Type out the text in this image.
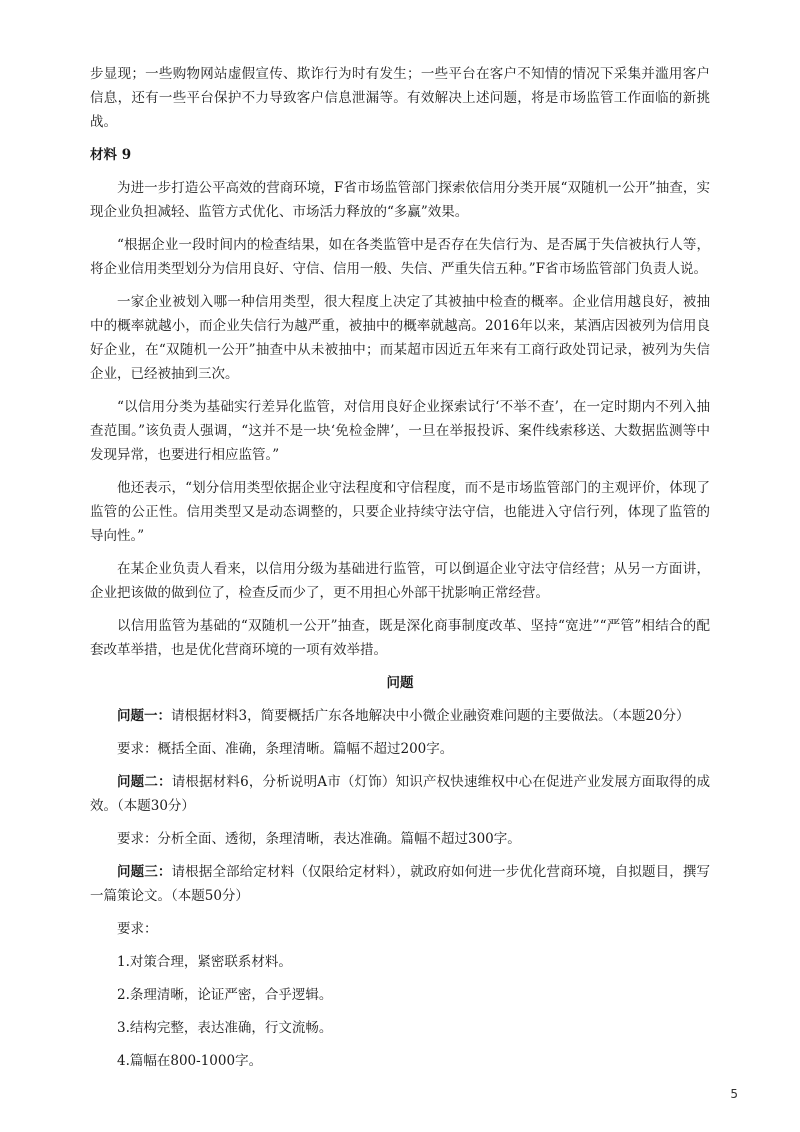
步显现；一些购物网站虚假宣传、欺诈行为时有发生；一些平台在客户不知情的情况下采集并滥用客户信息，还有一些平台保护不力导致客户信息泄漏等。有效解决上述问题，将是市场监管工作面临的新挑战。

材料 9

为进一步打造公平高效的营商环境，F省市场监管部门探索依信用分类开展“双随机一公开”抽查，实现企业负担减轻、监管方式优化、市场活力释放的“多赢”效果。

“根据企业一段时间内的检查结果，如在各类监管中是否存在失信行为、是否属于失信被执行人等，将企业信用类型划分为信用良好、守信、信用一般、失信、严重失信五种。”F省市场监管部门负责人说。

一家企业被划入哪一种信用类型，很大程度上决定了其被抽中检查的概率。企业信用越良好，被抽中的概率就越小，而企业失信行为越严重，被抽中的概率就越高。2016年以来，某酒店因被列为信用良好企业，在“双随机一公开”抽查中从未被抽中；而某超市因近五年来有工商行政处罚记录，被列为失信企业，已经被抽到三次。

“以信用分类为基础实行差异化监管，对信用良好企业探索试行‘不举不查’，在一定时期内不列入抽查范围。”该负责人强调，“这并不是一块‘免检金牌’，一旦在举报投诉、案件线索移送、大数据监测等中发现异常，也要进行相应监管。”

他还表示，“划分信用类型依据企业守法程度和守信程度，而不是市场监管部门的主观评价，体现了监管的公正性。信用类型又是动态调整的，只要企业持续守法守信，也能进入守信行列，体现了监管的导向性。”

在某企业负责人看来，以信用分级为基础进行监管，可以倒逼企业守法守信经营；从另一方面讲，企业把该做的做到位了，检查反而少了，更不用担心外部干扰影响正常经营。

以信用监管为基础的“双随机一公开”抽查，既是深化商事制度改革、坚持“宽进”“严管”相结合的配套改革举措，也是优化营商环境的一项有效举措。

问题

问题一：请根据材料3，简要概括广东各地解决中小微企业融资难问题的主要做法。（本题20分）

要求：概括全面、准确，条理清晰。篇幅不超过200字。

问题二：请根据材料6，分析说明A市（灯饰）知识产权快速维权中心在促进产业发展方面取得的成效。（本题30分）

要求：分析全面、透彻，条理清晰，表达准确。篇幅不超过300字。

问题三：请根据全部给定材料（仅限给定材料），就政府如何进一步优化营商环境，自拟题目，撰写一篇策论文。（本题50分）

要求：

1.对策合理，紧密联系材料。

2.条理清晰，论证严密，合乎逻辑。

3.结构完整，表达准确，行文流畅。

4.篇幅在800-1000字。

5
